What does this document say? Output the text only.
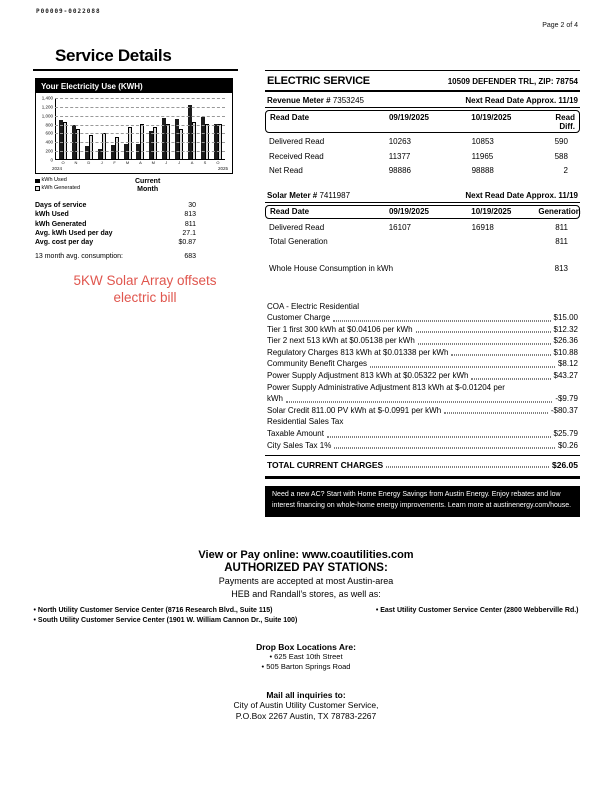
P00009-0022088
Page 2 of 4
Service Details
Your Electricity Use (KWH)
O N	D	J	F	M A M	J	J	A	S	O
2024	2025
0
200
400
600
800
1,000
1,200
1,400
kWh Used
kWh Generated
Current
Month
Days of service	30
kWh Used	813
kWh Generated	811
Avg. kWh Used per day	27.1
Avg. cost per day	$0.87
13 month avg. consumption:	683
5KW Solar Array offsets
electric bill
ELECTRIC SERVICE	10509 DEFENDER TRL, ZIP: 78754
Revenue Meter # 7353245	Next Read Date Approx. 11/19
Read Date	09/19/2025	10/19/2025	Read Diff.
Delivered Read	10263	10853	590
Received Read	11377	11965	588
Net Read	98886	98888	2
Solar Meter # 7411987	Next Read Date Approx. 11/19
Read Date	09/19/2025	10/19/2025	Generation
Delivered Read	16107	16918	811
Total Generation	811
Whole House Consumption in kWh	813
COA - Electric Residential
Customer Charge	$15.00
Tier 1 first 300 kWh at $0.04106 per kWh	$12.32
Tier 2 next 513 kWh at $0.05138 per kWh	$26.36
Regulatory Charges 813 kWh at $0.01338 per kWh	$10.88
Community Benefit Charges	$8.12
Power Supply Adjustment 813 kWh at $0.05322 per kWh	$43.27
Power Supply Administrative Adjustment 813 kWh at $-0.01204 per
kWh	-$9.79
Solar Credit 811.00 PV kWh at $-0.0991 per kWh	-$80.37
Residential Sales Tax
Taxable Amount	$25.79
City Sales Tax 1%	$0.26
TOTAL CURRENT CHARGES	$26.05
Need a new AC? Start with Home Energy Savings from Austin Energy. Enjoy rebates and low interest financing on whole-home energy improvements. Learn more at austinenergy.com/house.
View or Pay online: www.coautilities.com
AUTHORIZED PAY STATIONS:
Payments are accepted at most Austin-area
HEB and Randall’s stores, as well as:
• North Utility Customer Service Center (8716 Research Blvd., Suite 115)	• East Utility Customer Service Center (2800 Webberville Rd.)
• South Utility Customer Service Center (1901 W. William Cannon Dr., Suite 100)
Drop Box Locations Are:
• 625 East 10th Street
• 505 Barton Springs Road
Mail all inquiries to:
City of Austin Utility Customer Service,
P.O.Box 2267 Austin, TX 78783-2267
